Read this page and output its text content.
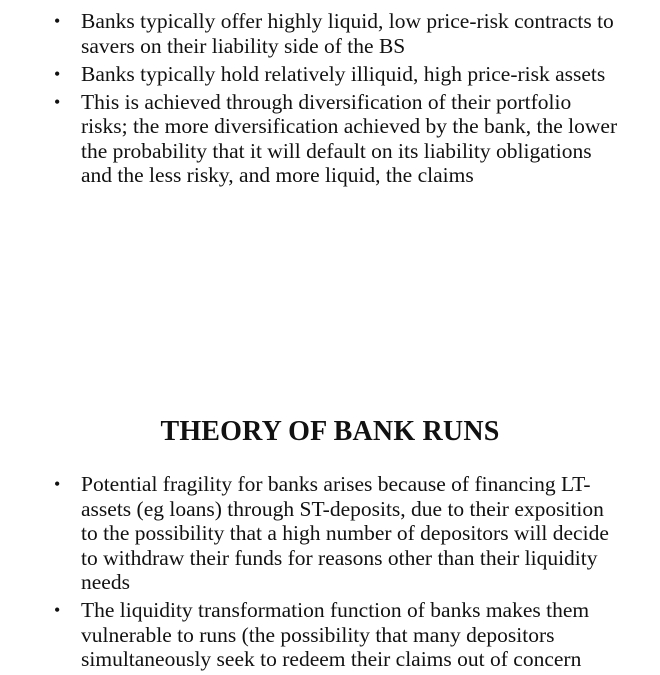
• Banks typically offer highly liquid, low price-risk contracts to savers on their liability side of the BS
• Banks typically hold relatively illiquid, high price-risk assets
• This is achieved through diversification of their portfolio risks; the more diversification achieved by the bank, the lower the probability that it will default on its liability obligations and the less risky, and more liquid, the claims
THEORY OF BANK RUNS
• Potential fragility for banks arises because of financing LT-assets (eg loans) through ST-deposits, due to their exposition to the possibility that a high number of depositors will decide to withdraw their funds for reasons other than their liquidity needs
• The liquidity transformation function of banks makes them vulnerable to runs (the possibility that many depositors simultaneously seek to redeem their claims out of concern
